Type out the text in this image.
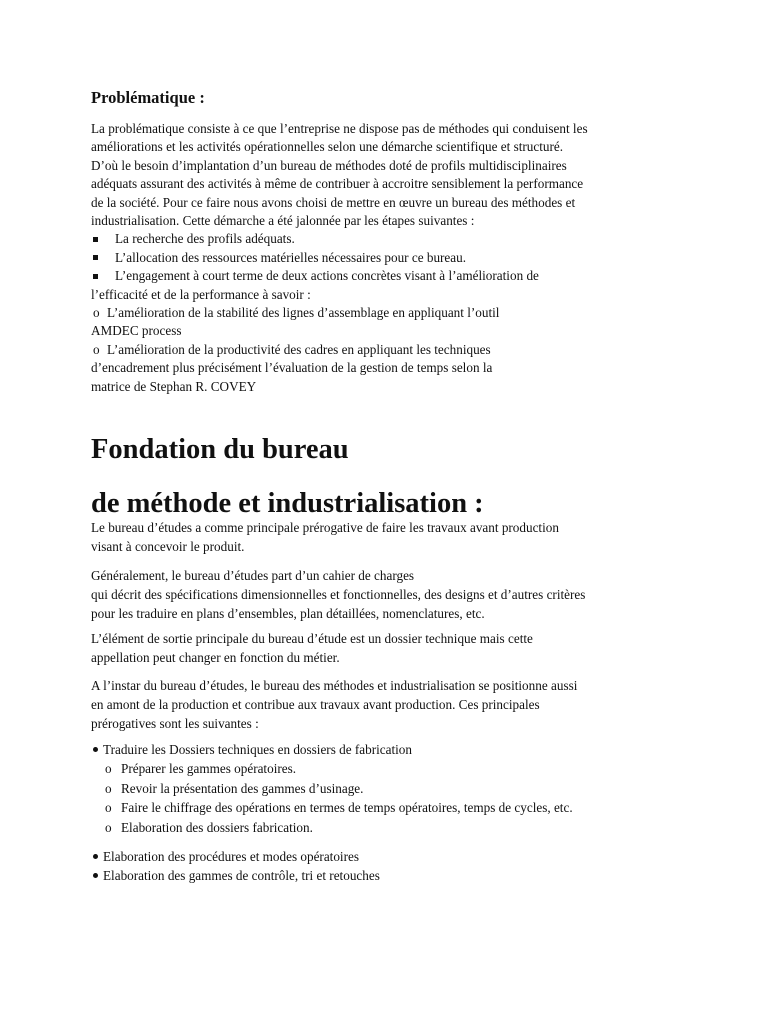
Problématique :
La problématique consiste à ce que l’entreprise ne dispose pas de méthodes qui conduisent les
améliorations et les activités opérationnelles selon une démarche scientifique et structuré.
D’où le besoin d’implantation d’un bureau de méthodes doté de profils multidisciplinaires
adéquats assurant des activités à même de contribuer à accroitre sensiblement la performance
de la société. Pour ce faire nous avons choisi de mettre en œuvre un bureau des méthodes et
industrialisation. Cette démarche a été jalonnée par les étapes suivantes :
La recherche des profils adéquats.
L’allocation des ressources matérielles nécessaires pour ce bureau.
L’engagement à court terme de deux actions concrètes visant à l’amélioration de
l’efficacité et de la performance à savoir :
o L’amélioration de la stabilité des lignes d’assemblage en appliquant l’outil
AMDEC process
o L’amélioration de la productivité des cadres en appliquant les techniques
d’encadrement plus précisément l’évaluation de la gestion de temps selon la
matrice de Stephan R. COVEY
Fondation du bureau
de méthode et industrialisation :
Le bureau d’études a comme principale prérogative de faire les travaux avant production
visant à concevoir le produit.
Généralement, le bureau d’études part d’un cahier de charges
qui décrit des spécifications dimensionnelles et fonctionnelles, des designs et d’autres critères
pour les traduire en plans d’ensembles, plan détaillées, nomenclatures, etc.
L’élément de sortie principale du bureau d’étude est un dossier technique mais cette
appellation peut changer en fonction du métier.
A l’instar du bureau d’études, le bureau des méthodes et industrialisation se positionne aussi
en amont de la production et contribue aux travaux avant production. Ces principales
prérogatives sont les suivantes :
Traduire les Dossiers techniques en dossiers de fabrication
o Préparer les gammes opératoires.
o Revoir la présentation des gammes d’usinage.
o Faire le chiffrage des opérations en termes de temps opératoires, temps de cycles, etc.
o Elaboration des dossiers fabrication.
Elaboration des procédures et modes opératoires
Elaboration des gammes de contrôle, tri et retouches
